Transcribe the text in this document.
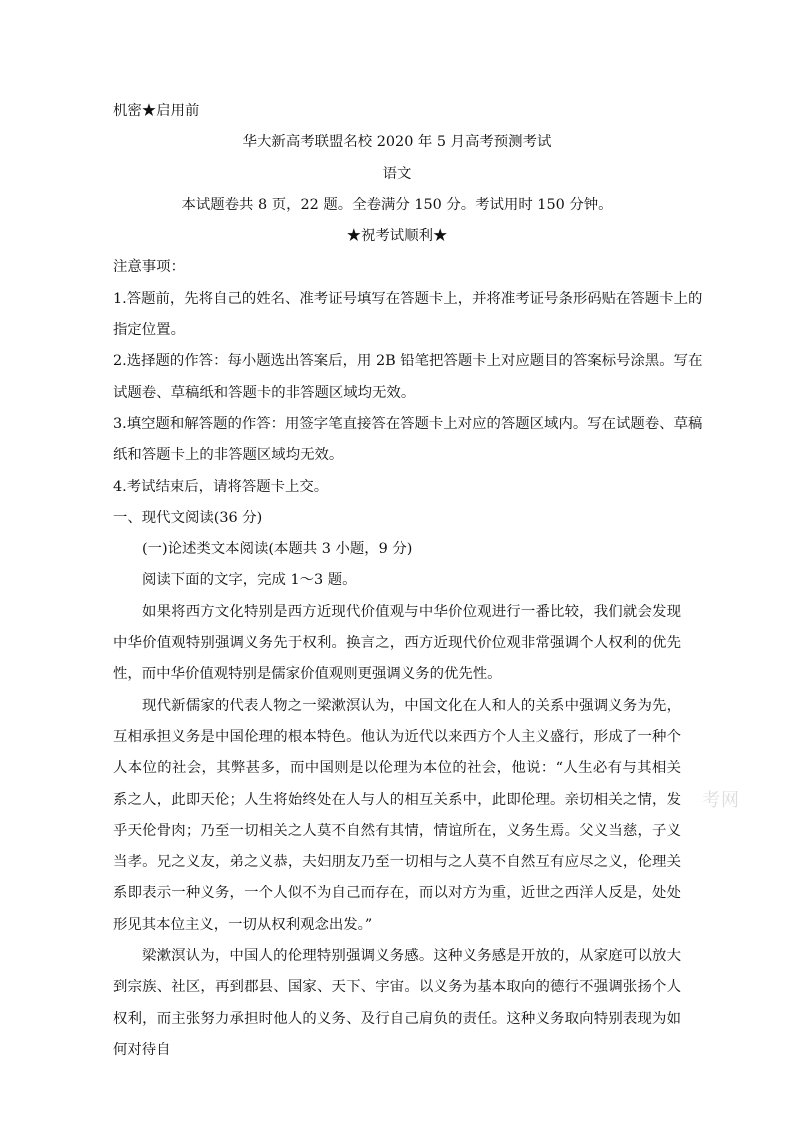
机密★启用前
华大新高考联盟名校 2020 年 5 月高考预测考试
语文
本试题卷共 8 页，22 题。全卷满分 150 分。考试用时 150 分钟。
★祝考试顺利★
注意事项：
1.答题前，先将自己的姓名、准考证号填写在答题卡上，并将准考证号条形码贴在答题卡上的
指定位置。
2.选择题的作答：每小题选出答案后，用 2B 铅笔把答题卡上对应题目的答案标号涂黑。写在
试题卷、草稿纸和答题卡的非答题区域均无效。
3.填空题和解答题的作答：用签字笔直接答在答题卡上对应的答题区域内。写在试题卷、草稿
纸和答题卡上的非答题区域均无效。
4.考试结束后，请将答题卡上交。
一、现代文阅读(36 分)
(一)论述类文本阅读(本题共 3 小题，9 分)
阅读下面的文字，完成 1～3 题。
如果将西方文化特别是西方近现代价值观与中华价位观进行一番比较，我们就会发现中华价值观特别强调义务先于权利。换言之，西方近现代价位观非常强调个人权利的优先性，而中华价值观特别是儒家价值观则更强调义务的优先性。
现代新儒家的代表人物之一梁漱溟认为，中国文化在人和人的关系中强调义务为先，互相承担义务是中国伦理的根本特色。他认为近代以来西方个人主义盛行，形成了一种个人本位的社会，其弊甚多，而中国则是以伦理为本位的社会，他说：“人生必有与其相关系之人，此即天伦；人生将始终处在人与人的相互关系中，此即伦理。亲切相关之情，发乎天伦骨肉；乃至一切相关之人莫不自然有其情，情谊所在，义务生焉。父义当慈，子义当孝。兄之义友，弟之义恭，夫妇朋友乃至一切相与之人莫不自然互有应尽之义，伦理关系即表示一种义务，一个人似不为自己而存在，而以对方为重，近世之西洋人反是，处处形见其本位主义，一切从权利观念出发。”
梁漱溟认为，中国人的伦理特别强调义务感。这种义务感是开放的，从家庭可以放大到宗族、社区，再到郡县、国家、天下、宇宙。以义务为基本取向的德行不强调张扬个人权利，而主张努力承担时他人的义务、及行自己肩负的责任。这种义务取向特别表现为如何对待自
考网
